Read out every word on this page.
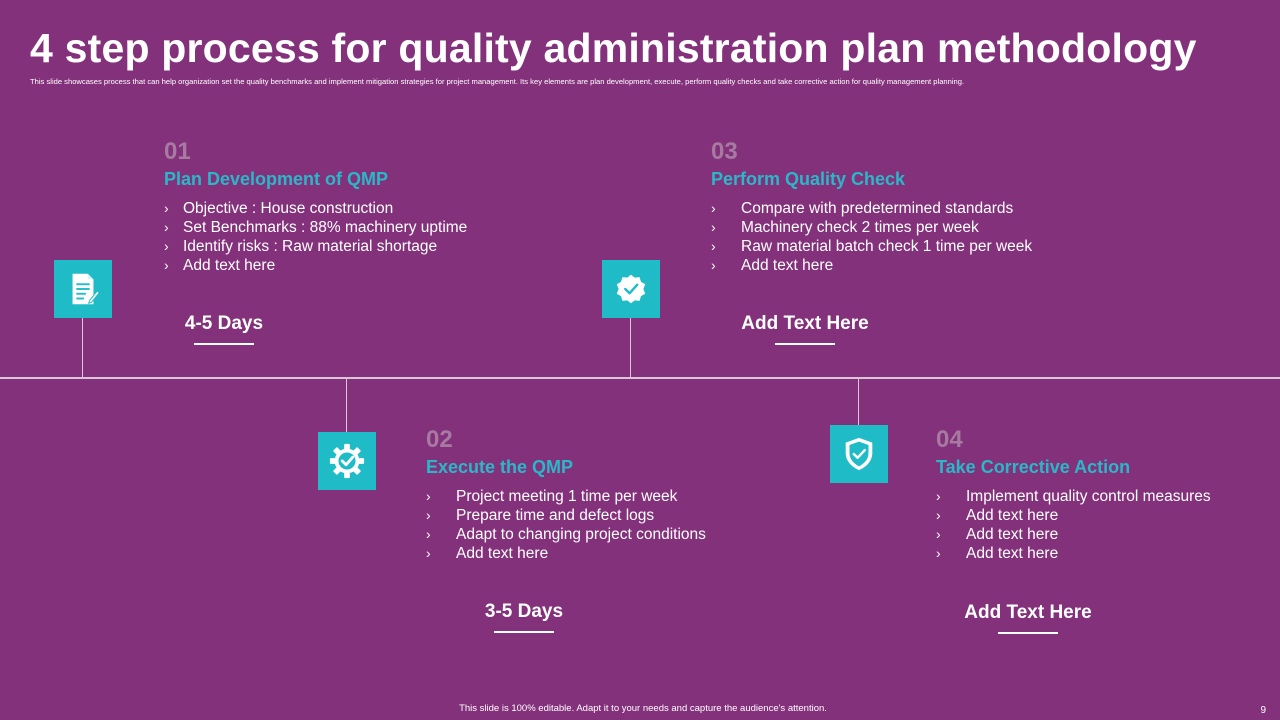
4 step process for quality administration plan methodology
This slide showcases process that can help organization set the quality benchmarks and implement mitigation strategies for project management. Its key elements are plan development, execute, perform quality checks and take corrective action for quality management planning.
01
Plan Development of QMP
› Objective : House construction
› Set Benchmarks : 88% machinery uptime
› Identify risks : Raw material shortage
› Add text here
4-5 Days
03
Perform Quality Check
›	Compare with predetermined standards
›	Machinery check 2 times per week
›	Raw material batch check 1 time per week
›	Add text here
Add Text Here
02
Execute the QMP
›	Project meeting 1 time per week
›	Prepare time and defect logs
›	Adapt to changing project conditions
›	Add text here
3-5 Days
04
Take Corrective Action
›	Implement quality control measures
›	Add text here
›	Add text here
›	Add text here
Add Text Here
This slide is 100% editable. Adapt it to your needs and capture the audience's attention.	9
